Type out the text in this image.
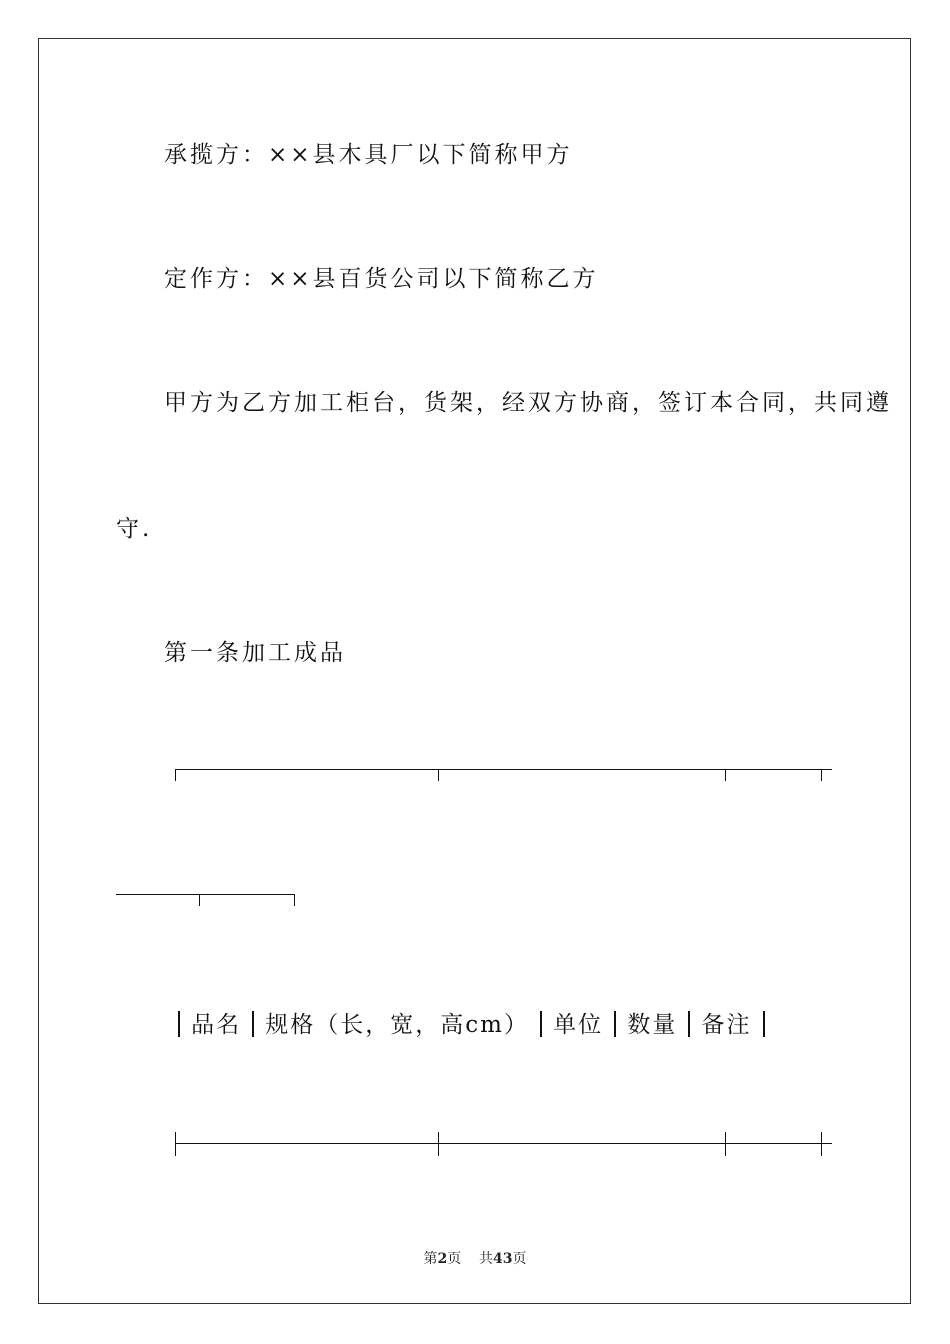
承揽方：××县木具厂以下简称甲方
定作方：××县百货公司以下简称乙方
甲方为乙方加工柜台，货架，经双方协商，签订本合同，共同遵
守.
第一条加工成品
品名 规格（长，宽，高cm） 单位 数量 备注
第2页 共43页
